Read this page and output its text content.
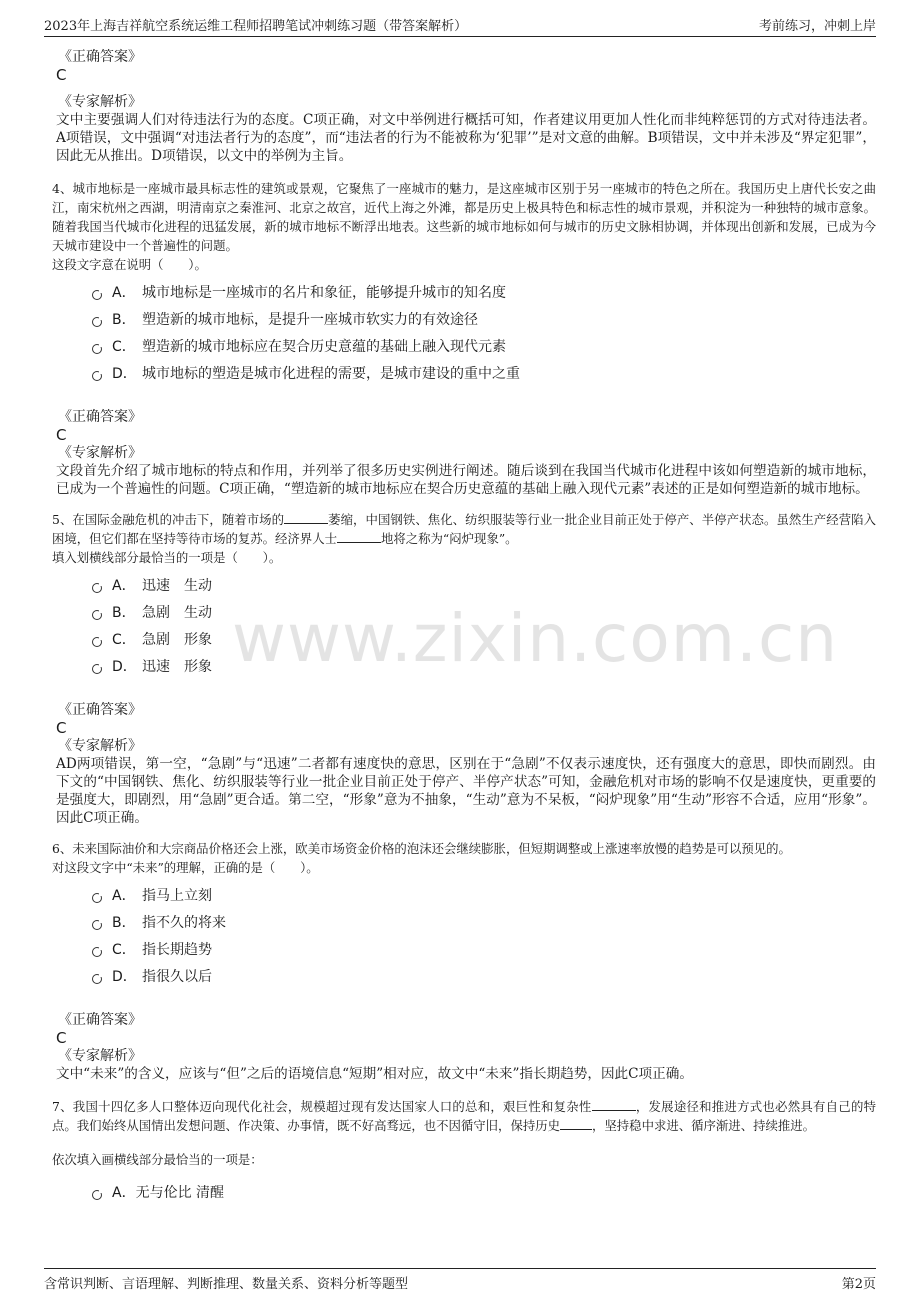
2023年上海吉祥航空系统运维工程师招聘笔试冲刺练习题（带答案解析）	考前练习，冲刺上岸
www.zixin.com.cn
《正确答案》
C
《专家解析》
文中主要强调人们对待违法行为的态度。C项正确，对文中举例进行概括可知，作者建议用更加人性化而非纯粹惩罚的方式对待违法者。A项错误，文中强调“对违法者行为的态度”，而“违法者的行为不能被称为‘犯罪’”是对文意的曲解。B项错误，文中并未涉及“界定犯罪”，因此无从推出。D项错误，以文中的举例为主旨。
4、城市地标是一座城市最具标志性的建筑或景观，它聚焦了一座城市的魅力，是这座城市区别于另一座城市的特色之所在。我国历史上唐代长安之曲江，南宋杭州之西湖，明清南京之秦淮河、北京之故宫，近代上海之外滩，都是历史上极具特色和标志性的城市景观，并积淀为一种独特的城市意象。随着我国当代城市化进程的迅猛发展，新的城市地标不断浮出地表。这些新的城市地标如何与城市的历史文脉相协调，并体现出创新和发展，已成为今天城市建设中一个普遍性的问题。
这段文字意在说明（　　）。
A． 城市地标是一座城市的名片和象征，能够提升城市的知名度
B． 塑造新的城市地标，是提升一座城市软实力的有效途径
C． 塑造新的城市地标应在契合历史意蕴的基础上融入现代元素
D． 城市地标的塑造是城市化进程的需要，是城市建设的重中之重
《正确答案》
C
《专家解析》
文段首先介绍了城市地标的特点和作用，并列举了很多历史实例进行阐述。随后谈到在我国当代城市化进程中该如何塑造新的城市地标，已成为一个普遍性的问题。C项正确，“塑造新的城市地标应在契合历史意蕴的基础上融入现代元素”表述的正是如何塑造新的城市地标。
5、在国际金融危机的冲击下，随着市场的	萎缩，中国钢铁、焦化、纺织服装等行业一批企业目前正处于停产、半停产状态。虽然生产经营陷入困境，但它们都在坚持等待市场的复苏。经济界人士	地将之称为“闷炉现象”。
填入划横线部分最恰当的一项是（　　）。
A． 迅速　生动
B． 急剧　生动
C． 急剧　形象
D． 迅速　形象
《正确答案》
C
《专家解析》
AD两项错误，第一空，“急剧”与“迅速”二者都有速度快的意思，区别在于“急剧”不仅表示速度快，还有强度大的意思，即快而剧烈。由下文的“中国钢铁、焦化、纺织服装等行业一批企业目前正处于停产、半停产状态”可知，金融危机对市场的影响不仅是速度快，更重要的是强度大，即剧烈，用“急剧”更合适。第二空，“形象”意为不抽象，“生动”意为不呆板，“闷炉现象”用“生动”形容不合适，应用“形象”。因此C项正确。
6、未来国际油价和大宗商品价格还会上涨，欧美市场资金价格的泡沫还会继续膨胀，但短期调整或上涨速率放慢的趋势是可以预见的。
对这段文字中“未来”的理解，正确的是（　　）。
A． 指马上立刻
B． 指不久的将来
C． 指长期趋势
D． 指很久以后
《正确答案》
C
《专家解析》
文中“未来”的含义，应该与“但”之后的语境信息“短期”相对应，故文中“未来”指长期趋势，因此C项正确。
7、我国十四亿多人口整体迈向现代化社会，规模超过现有发达国家人口的总和，艰巨性和复杂性	，发展途径和推进方式也必然具有自己的特点。我们始终从国情出发想问题、作决策、办事情，既不好高骛远，也不因循守旧，保持历史	，坚持稳中求进、循序渐进、持续推进。
依次填入画横线部分最恰当的一项是：
A． 无与伦比 清醒
含常识判断、言语理解、判断推理、数量关系、资料分析等题型	第2页
